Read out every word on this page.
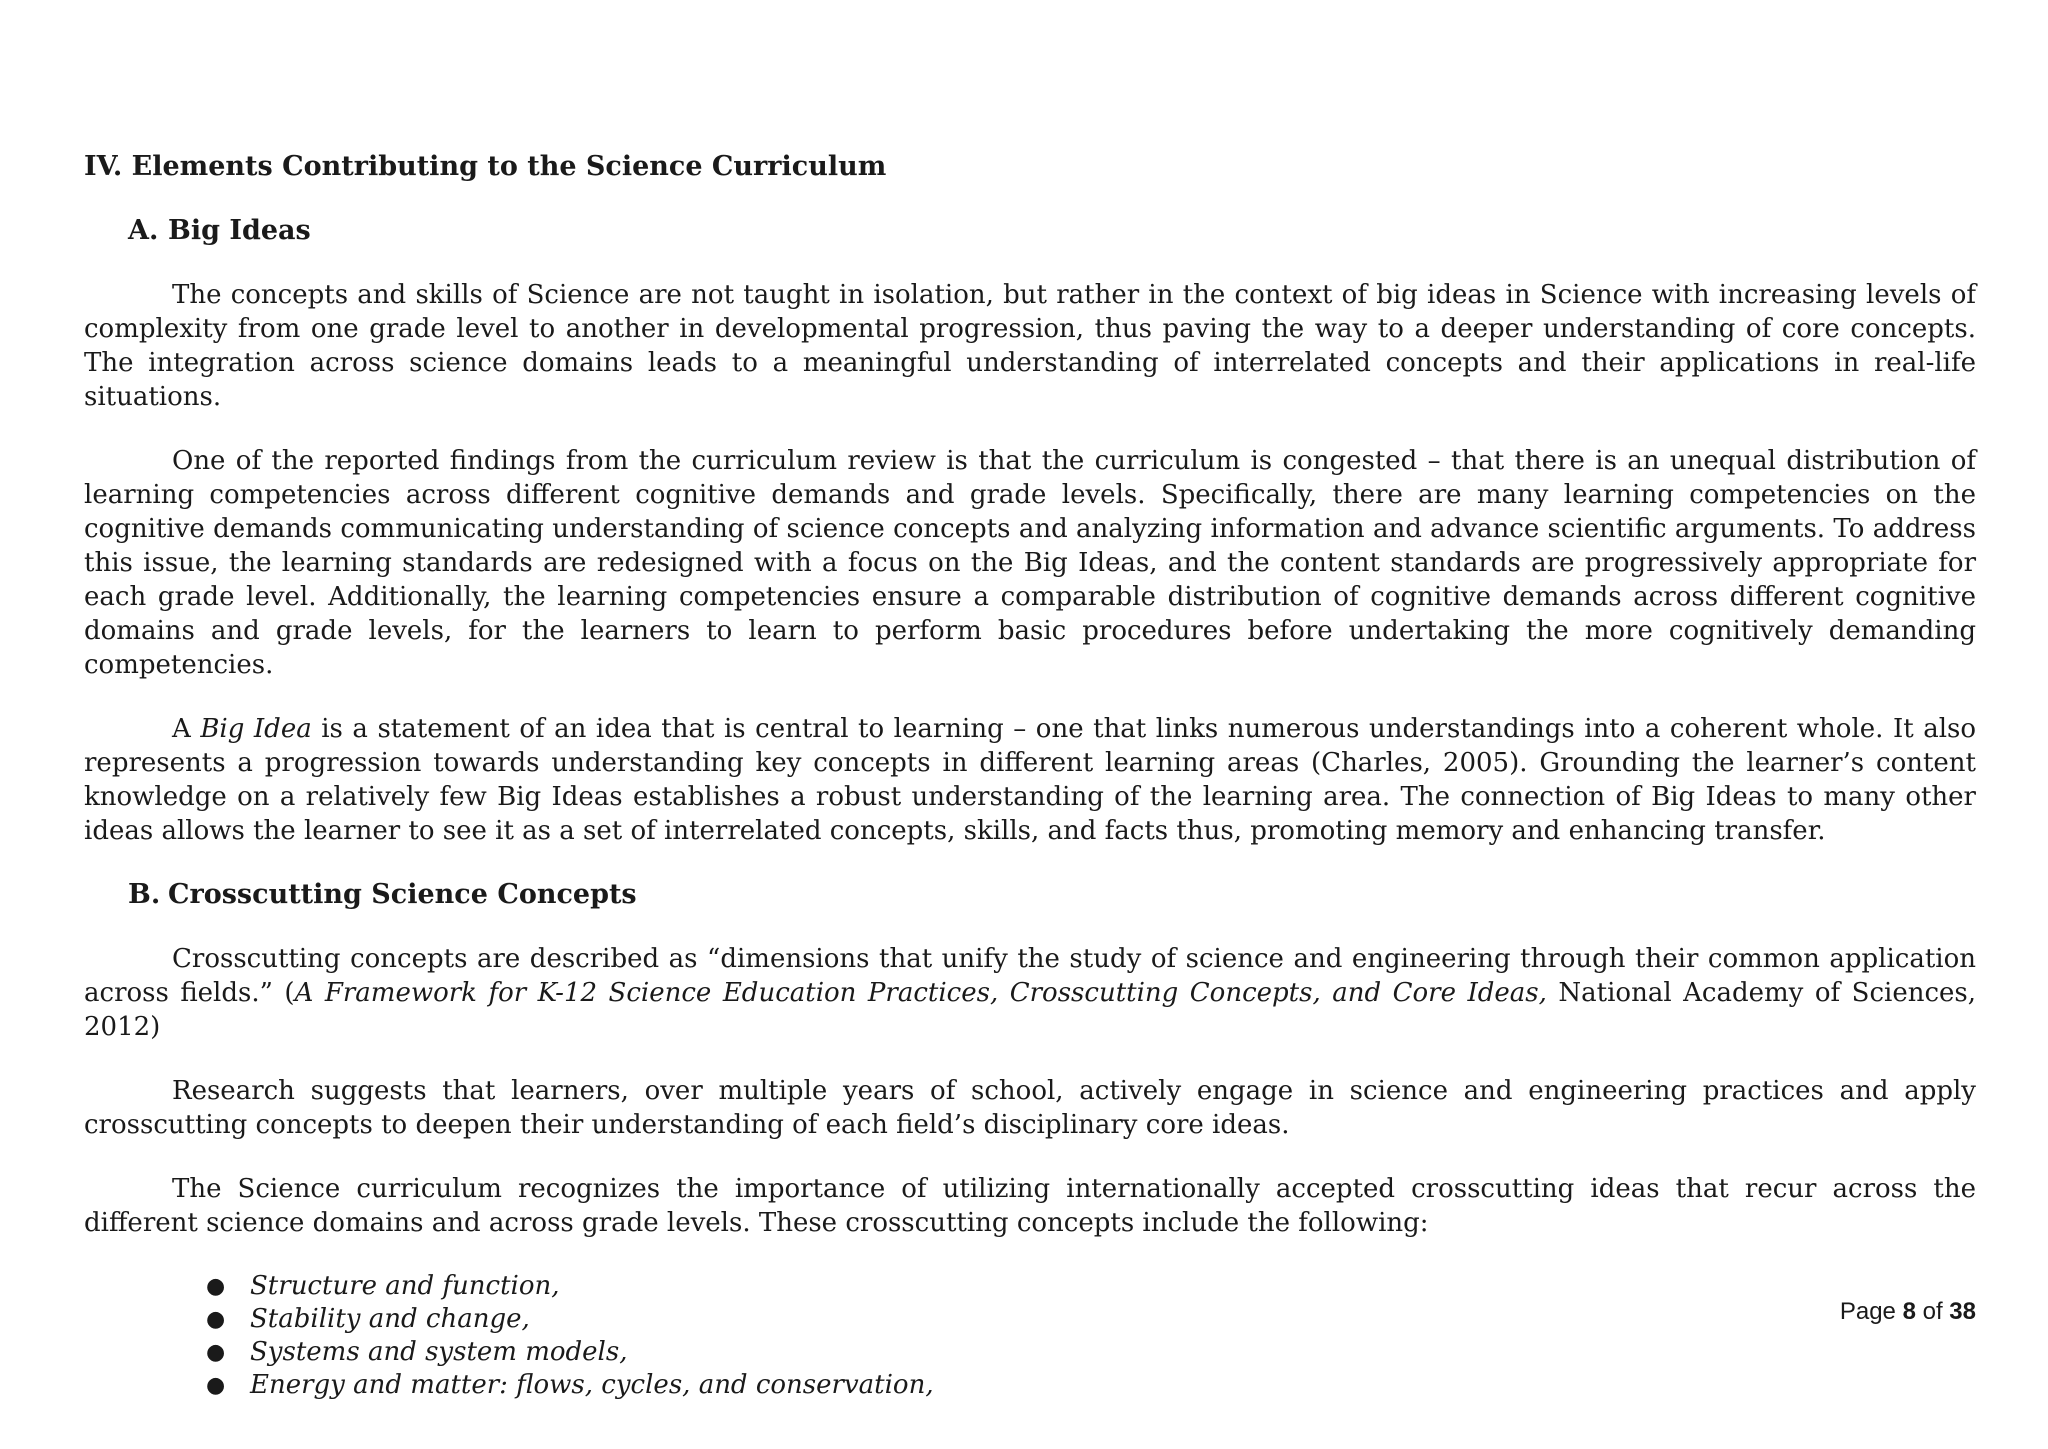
IV. Elements Contributing to the Science Curriculum
A. Big Ideas

The concepts and skills of Science are not taught in isolation, but rather in the context of big ideas in Science with increasing levels of complexity from one grade level to another in developmental progression, thus paving the way to a deeper understanding of core concepts. The integration across science domains leads to a meaningful understanding of interrelated concepts and their applications in real-life situations.

One of the reported findings from the curriculum review is that the curriculum is congested – that there is an unequal distribution of learning competencies across different cognitive demands and grade levels. Specifically, there are many learning competencies on the cognitive demands communicating understanding of science concepts and analyzing information and advance scientific arguments. To address this issue, the learning standards are redesigned with a focus on the Big Ideas, and the content standards are progressively appropriate for each grade level. Additionally, the learning competencies ensure a comparable distribution of cognitive demands across different cognitive domains and grade levels, for the learners to learn to perform basic procedures before undertaking the more cognitively demanding competencies.

A Big Idea is a statement of an idea that is central to learning – one that links numerous understandings into a coherent whole. It also represents a progression towards understanding key concepts in different learning areas (Charles, 2005). Grounding the learner’s content knowledge on a relatively few Big Ideas establishes a robust understanding of the learning area. The connection of Big Ideas to many other ideas allows the learner to see it as a set of interrelated concepts, skills, and facts thus, promoting memory and enhancing transfer.

B. Crosscutting Science Concepts

Crosscutting concepts are described as “dimensions that unify the study of science and engineering through their common application across fields.” (A Framework for K-12 Science Education Practices, Crosscutting Concepts, and Core Ideas, National Academy of Sciences, 2012)

Research suggests that learners, over multiple years of school, actively engage in science and engineering practices and apply crosscutting concepts to deepen their understanding of each field’s disciplinary core ideas.

The Science curriculum recognizes the importance of utilizing internationally accepted crosscutting ideas that recur across the different science domains and across grade levels. These crosscutting concepts include the following:

● Structure and function,
● Stability and change,
● Systems and system models,
● Energy and matter: flows, cycles, and conservation,
Page 8 of 38
